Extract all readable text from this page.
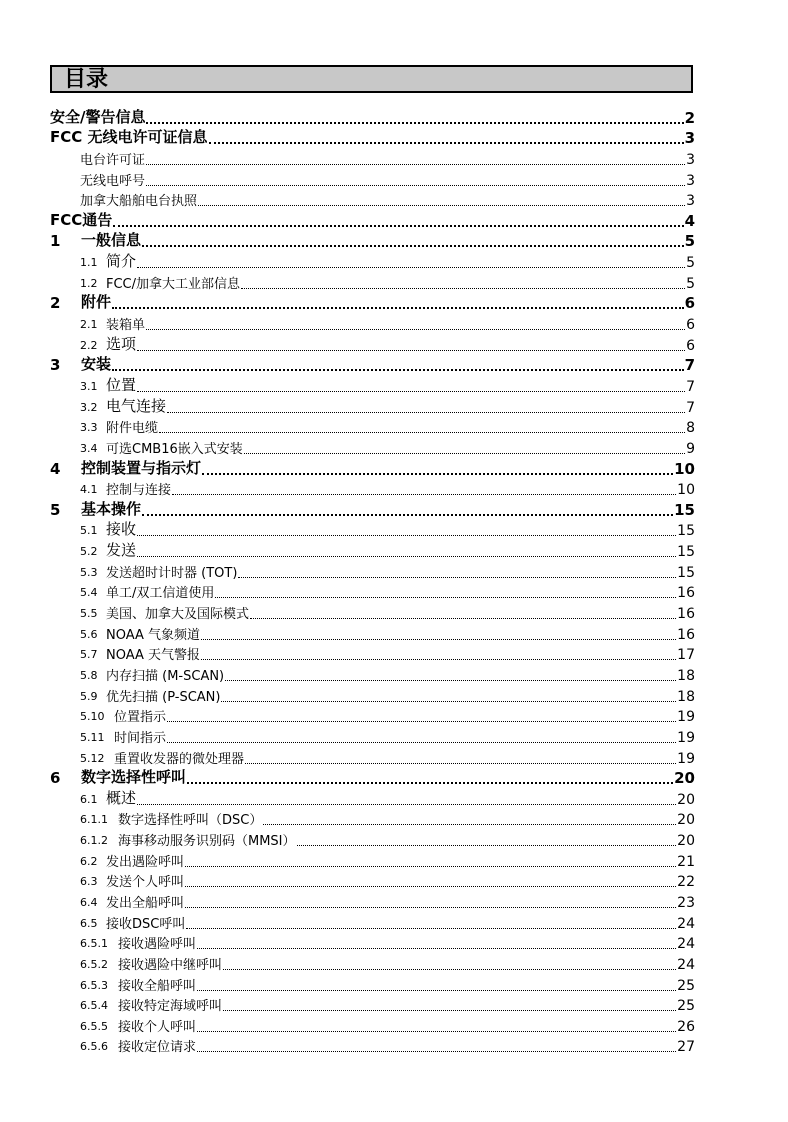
目录
安全/警告信息	2
FCC 无线电许可证信息	3
电台许可证	3
无线电呼号	3
加拿大船舶电台执照	3
FCC通告	4
1	一般信息	5
1.1 简介	5
1.2 FCC/加拿大工业部信息	5
2	附件	6
2.1 装箱单	6
2.2 选项	6
3	安装	7
3.1 位置	7
3.2 电气连接	7
3.3 附件电缆	8
3.4 可选CMB16嵌入式安装	9
4	控制装置与指示灯	10
4.1 控制与连接	10
5	基本操作	15
5.1 接收	15
5.2 发送	15
5.3 发送超时计时器 (TOT)	15
5.4 单工/双工信道使用	16
5.5 美国、加拿大及国际模式	16
5.6 NOAA 气象频道	16
5.7 NOAA 天气警报	17
5.8 内存扫描 (M-SCAN)	18
5.9 优先扫描 (P-SCAN)	18
5.10 位置指示	19
5.11 时间指示	19
5.12 重置收发器的微处理器	19
6	数字选择性呼叫	20
6.1 概述	20
6.1.1 数字选择性呼叫（DSC）	20
6.1.2 海事移动服务识别码（MMSI）	20
6.2 发出遇险呼叫	21
6.3 发送个人呼叫	22
6.4 发出全船呼叫	23
6.5 接收DSC呼叫	24
6.5.1 接收遇险呼叫	24
6.5.2 接收遇险中继呼叫	24
6.5.3 接收全船呼叫	25
6.5.4 接收特定海域呼叫	25
6.5.5 接收个人呼叫	26
6.5.6 接收定位请求	27
